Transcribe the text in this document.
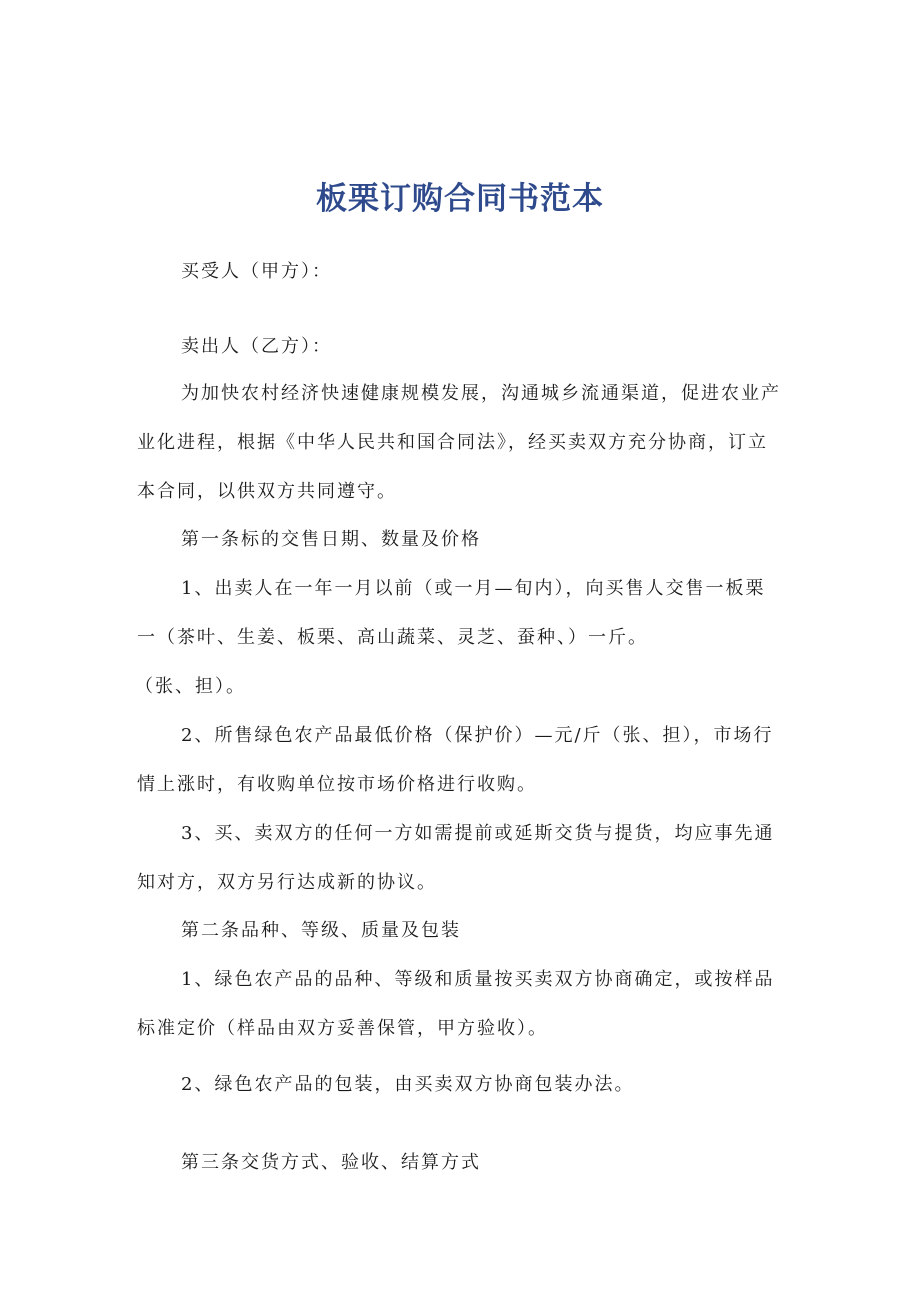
板栗订购合同书范本

买受人（甲方）：

卖出人（乙方）：

为加快农村经济快速健康规模发展，沟通城乡流通渠道，促进农业产

业化进程，根据《中华人民共和国合同法》，经买卖双方充分协商，订立

本合同，以供双方共同遵守。

第一条标的交售日期、数量及价格

1、出卖人在一年一月以前（或一月—旬内），向买售人交售一板栗

一（茶叶、生姜、板栗、高山蔬菜、灵芝、蚕种、）一斤。

（张、担）。

2、所售绿色农产品最低价格（保护价）—元/斤（张、担），市场行

情上涨时，有收购单位按市场价格进行收购。

3、买、卖双方的任何一方如需提前或延斯交货与提货，均应事先通

知对方，双方另行达成新的协议。

第二条品种、等级、质量及包装

1、绿色农产品的品种、等级和质量按买卖双方协商确定，或按样品

标准定价（样品由双方妥善保管，甲方验收）。

2、绿色农产品的包装，由买卖双方协商包装办法。

第三条交货方式、验收、结算方式
